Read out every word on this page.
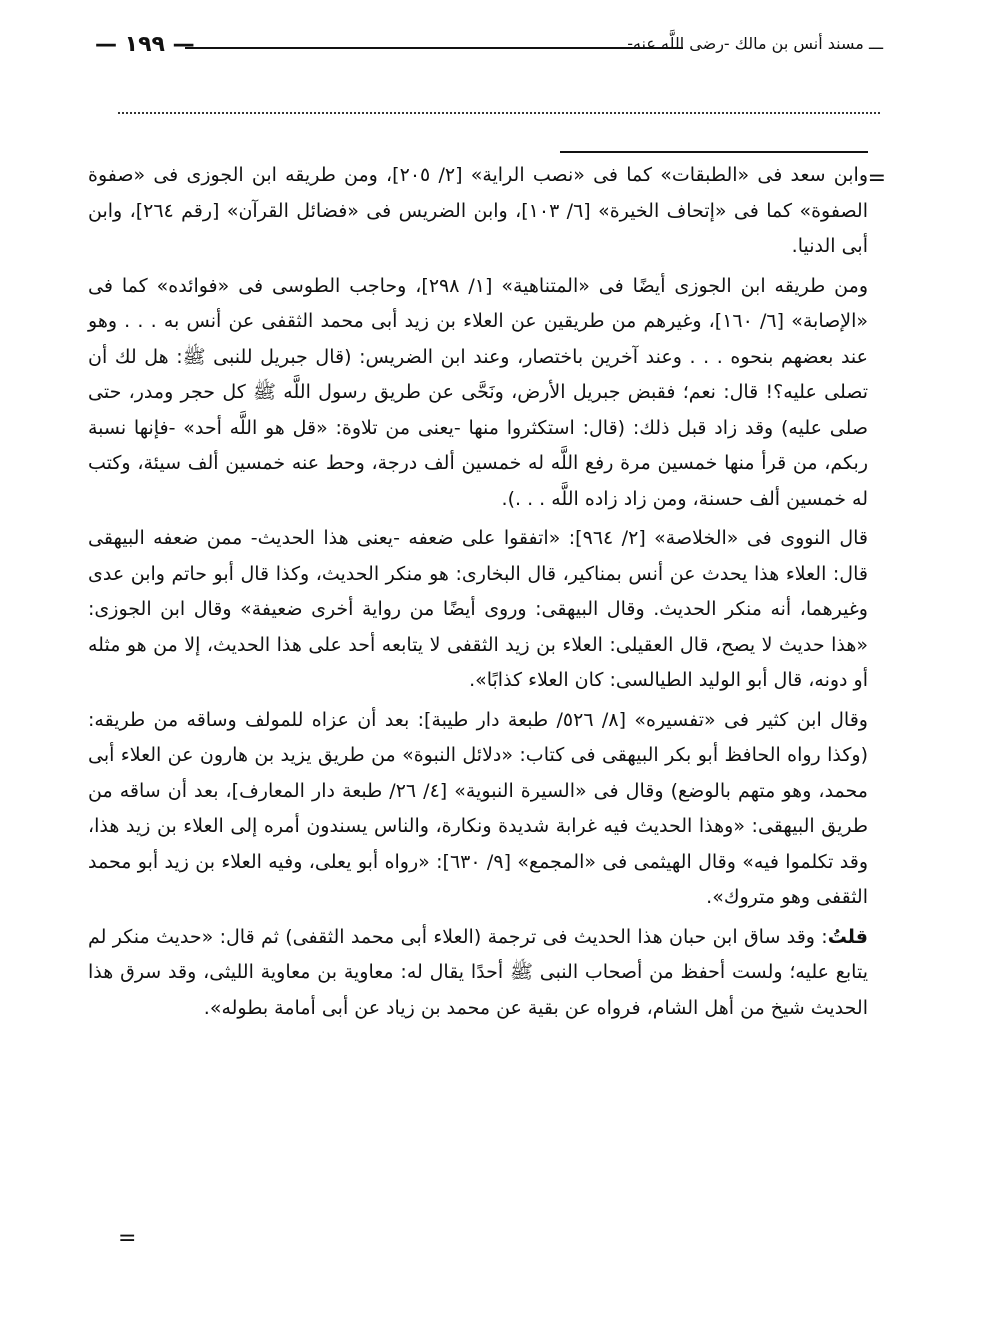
— ١٩٩ —	ـــ مسند أنس بن مالك -رضى اللَّه عنه-
=

وابن سعد فى «الطبقات» كما فى «نصب الراية» [٢/ ٢٠٥]، ومن طريقه ابن الجوزى فى «صفوة الصفوة» كما فى «إتحاف الخيرة» [٦/ ١٠٣]، وابن الضريس فى «فضائل القرآن» [رقم ٢٦٤]، وابن أبى الدنيا.

ومن طريقه ابن الجوزى أيضًا فى «المتناهية» [١/ ٢٩٨]، وحاجب الطوسى فى «فوائده» كما فى «الإصابة» [٦/ ١٦٠]، وغيرهم من طريقين عن العلاء بن زيد أبى محمد الثقفى عن أنس به . . . وهو عند بعضهم بنحوه . . . وعند آخرين باختصار، وعند ابن الضريس: (قال جبريل للنبى ﷺ: هل لك أن تصلى عليه؟! قال: نعم؛ فقبض جبريل الأرض، ونَحَّى عن طريق رسول اللَّه ﷺ كل حجر ومدر، حتى صلى عليه) وقد زاد قبل ذلك: (قال: استكثروا منها -يعنى من تلاوة: «قل هو اللَّه أحد» -فإنها نسبة ربكم، من قرأ منها خمسين مرة رفع اللَّه له خمسين ألف درجة، وحط عنه خمسين ألف سيئة، وكتب له خمسين ألف حسنة، ومن زاد زاده اللَّه . . .).

قال النووى فى «الخلاصة» [٢/ ٩٦٤]: «اتفقوا على ضعفه -يعنى هذا الحديث- ممن ضعفه البيهقى قال: العلاء هذا يحدث عن أنس بمناكير، قال البخارى: هو منكر الحديث، وكذا قال أبو حاتم وابن عدى وغيرهما، أنه منكر الحديث. وقال البيهقى: وروى أيضًا من رواية أخرى ضعيفة» وقال ابن الجوزى: «هذا حديث لا يصح، قال العقيلى: العلاء بن زيد الثقفى لا يتابعه أحد على هذا الحديث، إلا من هو مثله أو دونه، قال أبو الوليد الطيالسى: كان العلاء كذابًا».

وقال ابن كثير فى «تفسيره» [٨/ ٥٢٦/ طبعة دار طيبة]: بعد أن عزاه للمولف وساقه من طريقه: (وكذا رواه الحافظ أبو بكر البيهقى فى كتاب: «دلائل النبوة» من طريق يزيد بن هارون عن العلاء أبى محمد، وهو متهم بالوضع) وقال فى «السيرة النبوية» [٤/ ٢٦/ طبعة دار المعارف]، بعد أن ساقه من طريق البيهقى: «وهذا الحديث فيه غرابة شديدة ونكارة، والناس يسندون أمره إلى العلاء بن زيد هذا، وقد تكلموا فيه» وقال الهيثمى فى «المجمع» [٩/ ٦٣٠]: «رواه أبو يعلى، وفيه العلاء بن زيد أبو محمد الثقفى وهو متروك».

قلتُ: وقد ساق ابن حبان هذا الحديث فى ترجمة (العلاء أبى محمد الثقفى) ثم قال: «حديث منكر لم يتابع عليه؛ ولست أحفظ من أصحاب النبى ﷺ أحدًا يقال له: معاوية بن معاوية الليثى، وقد سرق هذا الحديث شيخ من أهل الشام، فرواه عن بقية عن محمد بن زياد عن أبى أمامة بطوله».

=
